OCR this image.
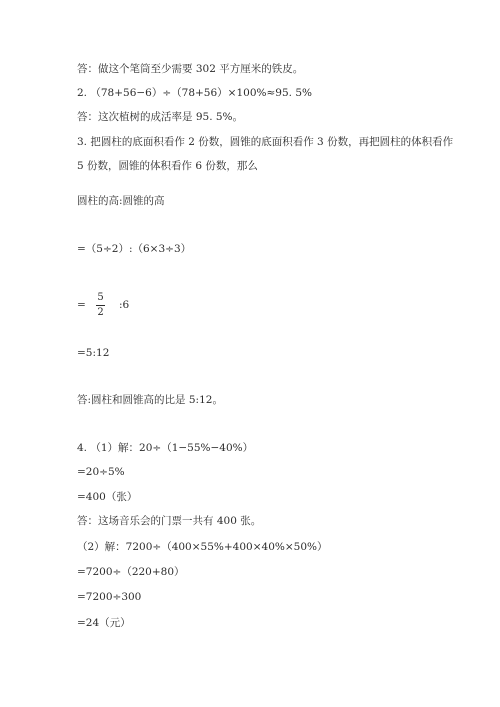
答：做这个笔筒至少需要 302 平方厘米的铁皮。
2. （78+56−6）÷（78+56）×100%≈95. 5%
答：这次植树的成活率是 95. 5%。
3. 把圆柱的底面积看作 2 份数，圆锥的底面积看作 3 份数，再把圆柱的体积看作
5 份数，圆锥的体积看作 6 份数，那么
圆柱的高:圆锥的高
=（5÷2）:（6×3÷3）
=
5
2
:6
=5:12
答:圆柱和圆锥高的比是 5:12。
4. （1）解：20÷（1−55%−40%）
=20÷5%
=400（张）
答：这场音乐会的门票一共有 400 张。
（2）解：7200÷（400×55%+400×40%×50%）
=7200÷（220+80）
=7200÷300
=24（元）
